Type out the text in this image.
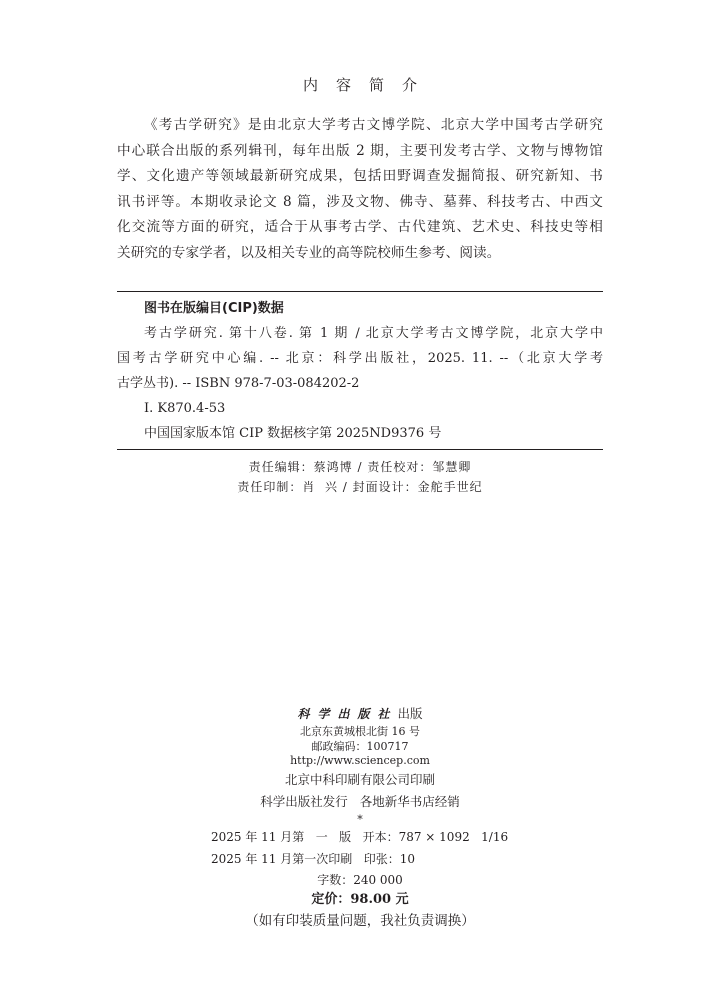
内容简介

《考古学研究》是由北京大学考古文博学院、北京大学中国考古学研究

中心联合出版的系列辑刊，每年出版 2 期，主要刊发考古学、文物与博物馆

学、文化遗产等领域最新研究成果，包括田野调查发掘简报、研究新知、书

讯书评等。本期收录论文 8 篇，涉及文物、佛寺、墓葬、科技考古、中西文

化交流等方面的研究，适合于从事考古学、古代建筑、艺术史、科技史等相

关研究的专家学者，以及相关专业的高等院校师生参考、阅读。

图书在版编目(CIP)数据

考古学研究. 第十八卷. 第 1 期 / 北京大学考古文博学院，北京大学中

国考古学研究中心编. -- 北京：科学出版社，2025. 11. --（北京大学考

古学丛书). -- ISBN 978-7-03-084202-2

Ⅰ. K870.4-53

中国国家版本馆 CIP 数据核字第 2025ND9376 号

责任编辑：蔡鸿博 / 责任校对：邹慧卿

责任印制：肖  兴 / 封面设计：金舵手世纪

科学出版社出版

北京东黄城根北街 16 号

邮政编码：100717

http://www.sciencep.com

北京中科印刷有限公司印刷

科学出版社发行   各地新华书店经销

*

2025 年 11 月第   一   版   开本：787 × 1092   1/16

2025 年 11 月第一次印刷   印张：10

字数：240 000

定价：98.00 元

（如有印装质量问题，我社负责调换）
